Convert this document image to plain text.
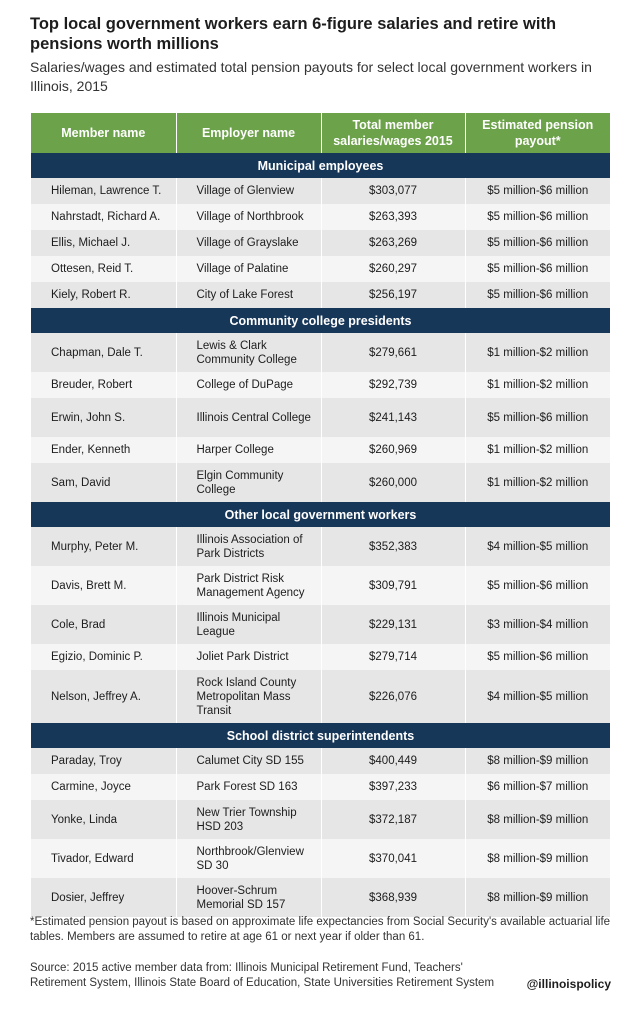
Top local government workers earn 6-figure salaries and retire with pensions worth millions
Salaries/wages and estimated total pension payouts for select local government workers in Illinois, 2015
Member name	Employer name	Total member salaries/wages 2015	Estimated pension payout*
Municipal employees			
Hileman, Lawrence T.	Village of Glenview	$303,077	$5 million-$6 million
Nahrstadt, Richard A.	Village of Northbrook	$263,393	$5 million-$6 million
Ellis, Michael J.	Village of Grayslake	$263,269	$5 million-$6 million
Ottesen, Reid T.	Village of Palatine	$260,297	$5 million-$6 million
Kiely, Robert R.	City of Lake Forest	$256,197	$5 million-$6 million
Community college presidents			
Chapman, Dale T.	Lewis & Clark Community College	$279,661	$1 million-$2 million
Breuder, Robert	College of DuPage	$292,739	$1 million-$2 million
Erwin, John S.	Illinois Central College	$241,143	$5 million-$6 million
Ender, Kenneth	Harper College	$260,969	$1 million-$2 million
Sam, David	Elgin Community College	$260,000	$1 million-$2 million
Other local government workers			
Murphy, Peter M.	Illinois Association of Park Districts	$352,383	$4 million-$5 million
Davis, Brett M.	Park District Risk Management Agency	$309,791	$5 million-$6 million
Cole, Brad	Illinois Municipal League	$229,131	$3 million-$4 million
Egizio, Dominic P.	Joliet Park District	$279,714	$5 million-$6 million
Nelson, Jeffrey A.	Rock Island County Metropolitan Mass Transit	$226,076	$4 million-$5 million
School district superintendents			
Paraday, Troy	Calumet City SD 155	$400,449	$8 million-$9 million
Carmine, Joyce	Park Forest SD 163	$397,233	$6 million-$7 million
Yonke, Linda	New Trier Township HSD 203	$372,187	$8 million-$9 million
Tivador, Edward	Northbrook/Glenview SD 30	$370,041	$8 million-$9 million
Dosier, Jeffrey	Hoover-Schrum Memorial SD 157	$368,939	$8 million-$9 million
*Estimated pension payout is based on approximate life expectancies from Social Security's available actuarial life tables. Members are assumed to retire at age 61 or next year if older than 61.
Source: 2015 active member data from: Illinois Municipal Retirement Fund, Teachers' Retirement System, Illinois State Board of Education, State Universities Retirement System	@illinoispolicy
